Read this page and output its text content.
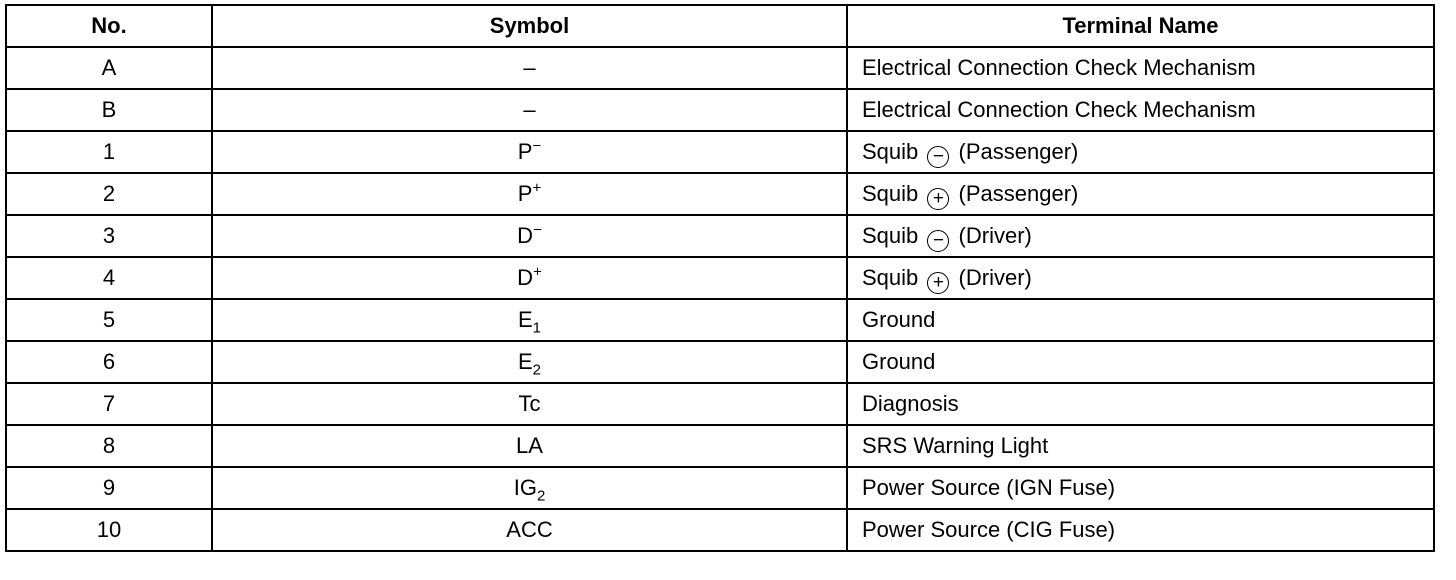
No.	Symbol	Terminal Name
A	–	Electrical Connection Check Mechanism
B	–	Electrical Connection Check Mechanism
1	P−	Squib − (Passenger)
2	P+	Squib + (Passenger)
3	D−	Squib − (Driver)
4	D+	Squib + (Driver)
5	$E_1$	Ground
6	$E_2$	Ground
7	Tc	Diagnosis
8	LA	SRS Warning Light
9	$IG_2$	Power Source (IGN Fuse)
10	ACC	Power Source (CIG Fuse)
